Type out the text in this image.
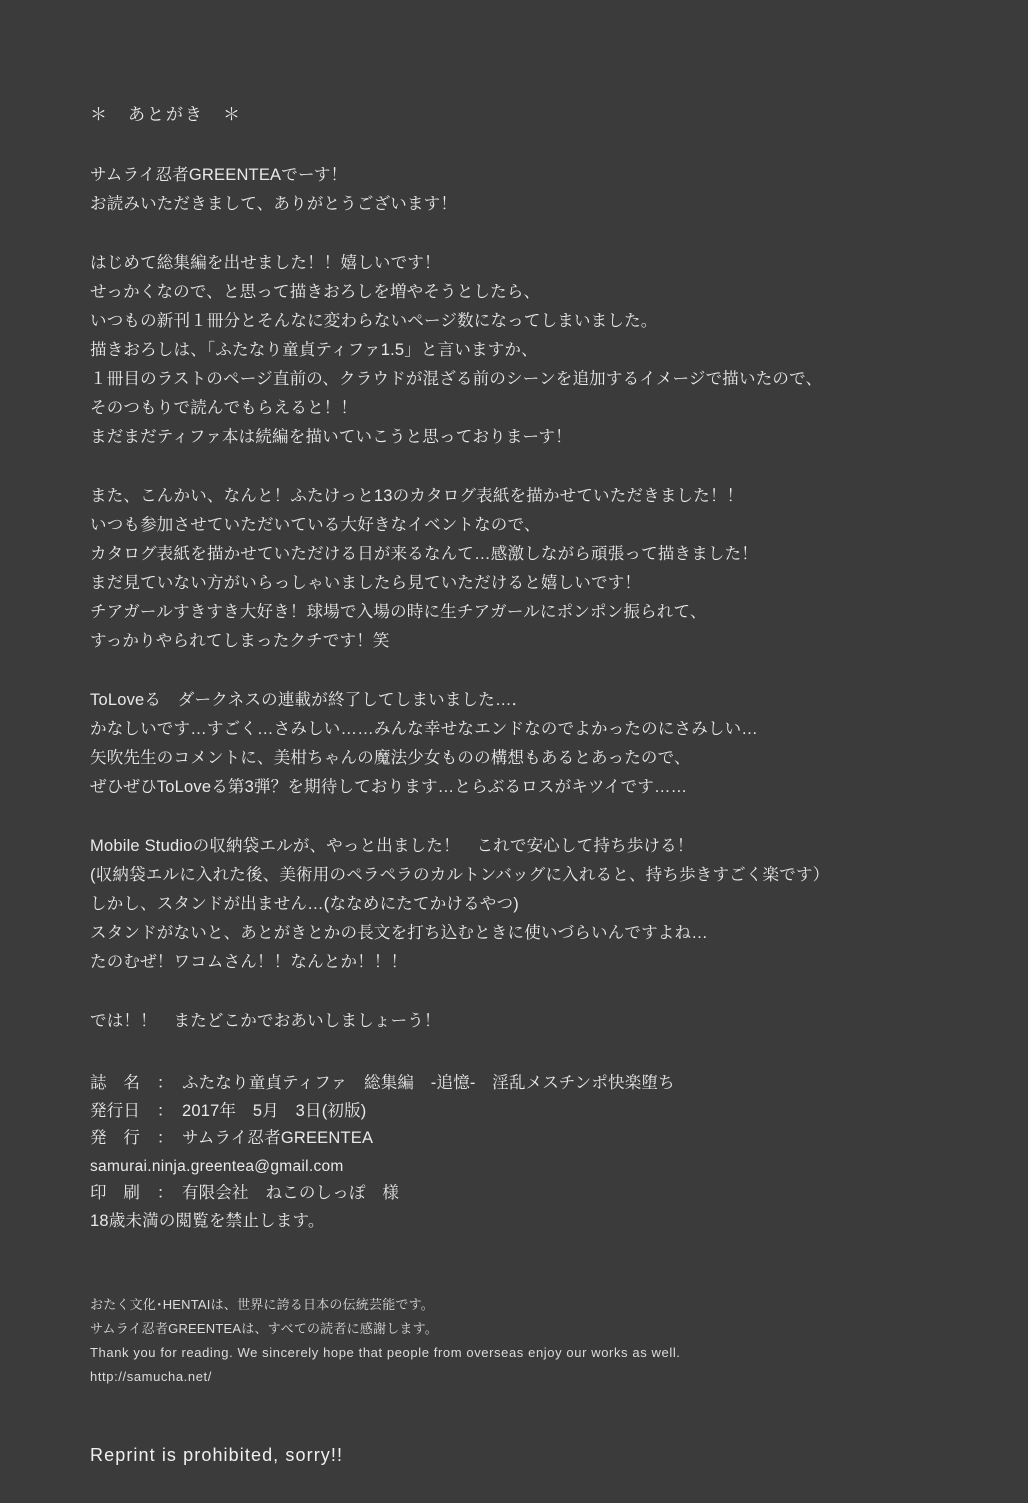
＊　あとがき　＊
サムライ忍者GREENTEAでーす！
お読みいただきまして、ありがとうございます！
はじめて総集編を出せました！！嬉しいです！
せっかくなので、と思って描きおろしを増やそうとしたら、
いつもの新刊１冊分とそんなに変わらないページ数になってしまいました。
描きおろしは、「ふたなり童貞ティファ1.5」と言いますか、
１冊目のラストのページ直前の、クラウドが混ざる前のシーンを追加するイメージで描いたので、
そのつもりで読んでもらえると！！
まだまだティファ本は続編を描いていこうと思っておりまーす！
また、こんかい、なんと！ふたけっと13のカタログ表紙を描かせていただきました！！
いつも参加させていただいている大好きなイベントなので、
カタログ表紙を描かせていただける日が来るなんて…感激しながら頑張って描きました！
まだ見ていない方がいらっしゃいましたら見ていただけると嬉しいです！
チアガールすきすき大好き！球場で入場の時に生チアガールにポンポン振られて、
すっかりやられてしまったクチです！笑
ToLoveる　ダークネスの連載が終了してしまいました…．
かなしいです…すごく…さみしい……みんな幸せなエンドなのでよかったのにさみしい…
矢吹先生のコメントに、美柑ちゃんの魔法少女ものの構想もあるとあったので、
ぜひぜひToLoveる第3弾？を期待しております…とらぶるロスがキツイです……
Mobile Studioの収納袋エルが、やっと出ました！　これで安心して持ち歩ける！
(収納袋エルに入れた後、美術用のペラペラのカルトンバッグに入れると、持ち歩きすごく楽です）
しかし、スタンドが出ません…(ななめにたてかけるやつ)
スタンドがないと、あとがきとかの長文を打ち込むときに使いづらいんですよね…
たのむぜ！ワコムさん！！なんとか！！！
では！！　またどこかでおあいしましょーう！
誌　名　：　ふたなり童貞ティファ　総集編　-追憶-　淫乱メスチンポ快楽堕ち
発行日　：　2017年　5月　3日(初版)
発　行　：　サムライ忍者GREENTEA
samurai.ninja.greentea@gmail.com
印　刷　：　有限会社　ねこのしっぽ　様
18歳未満の閲覧を禁止します。
おたく文化･HENTAIは、世界に誇る日本の伝統芸能です。
サムライ忍者GREENTEAは、すべての読者に感謝します。
Thank you for reading. We sincerely hope that people from overseas enjoy our works as well.
http://samucha.net/
Reprint is prohibited, sorry!!
